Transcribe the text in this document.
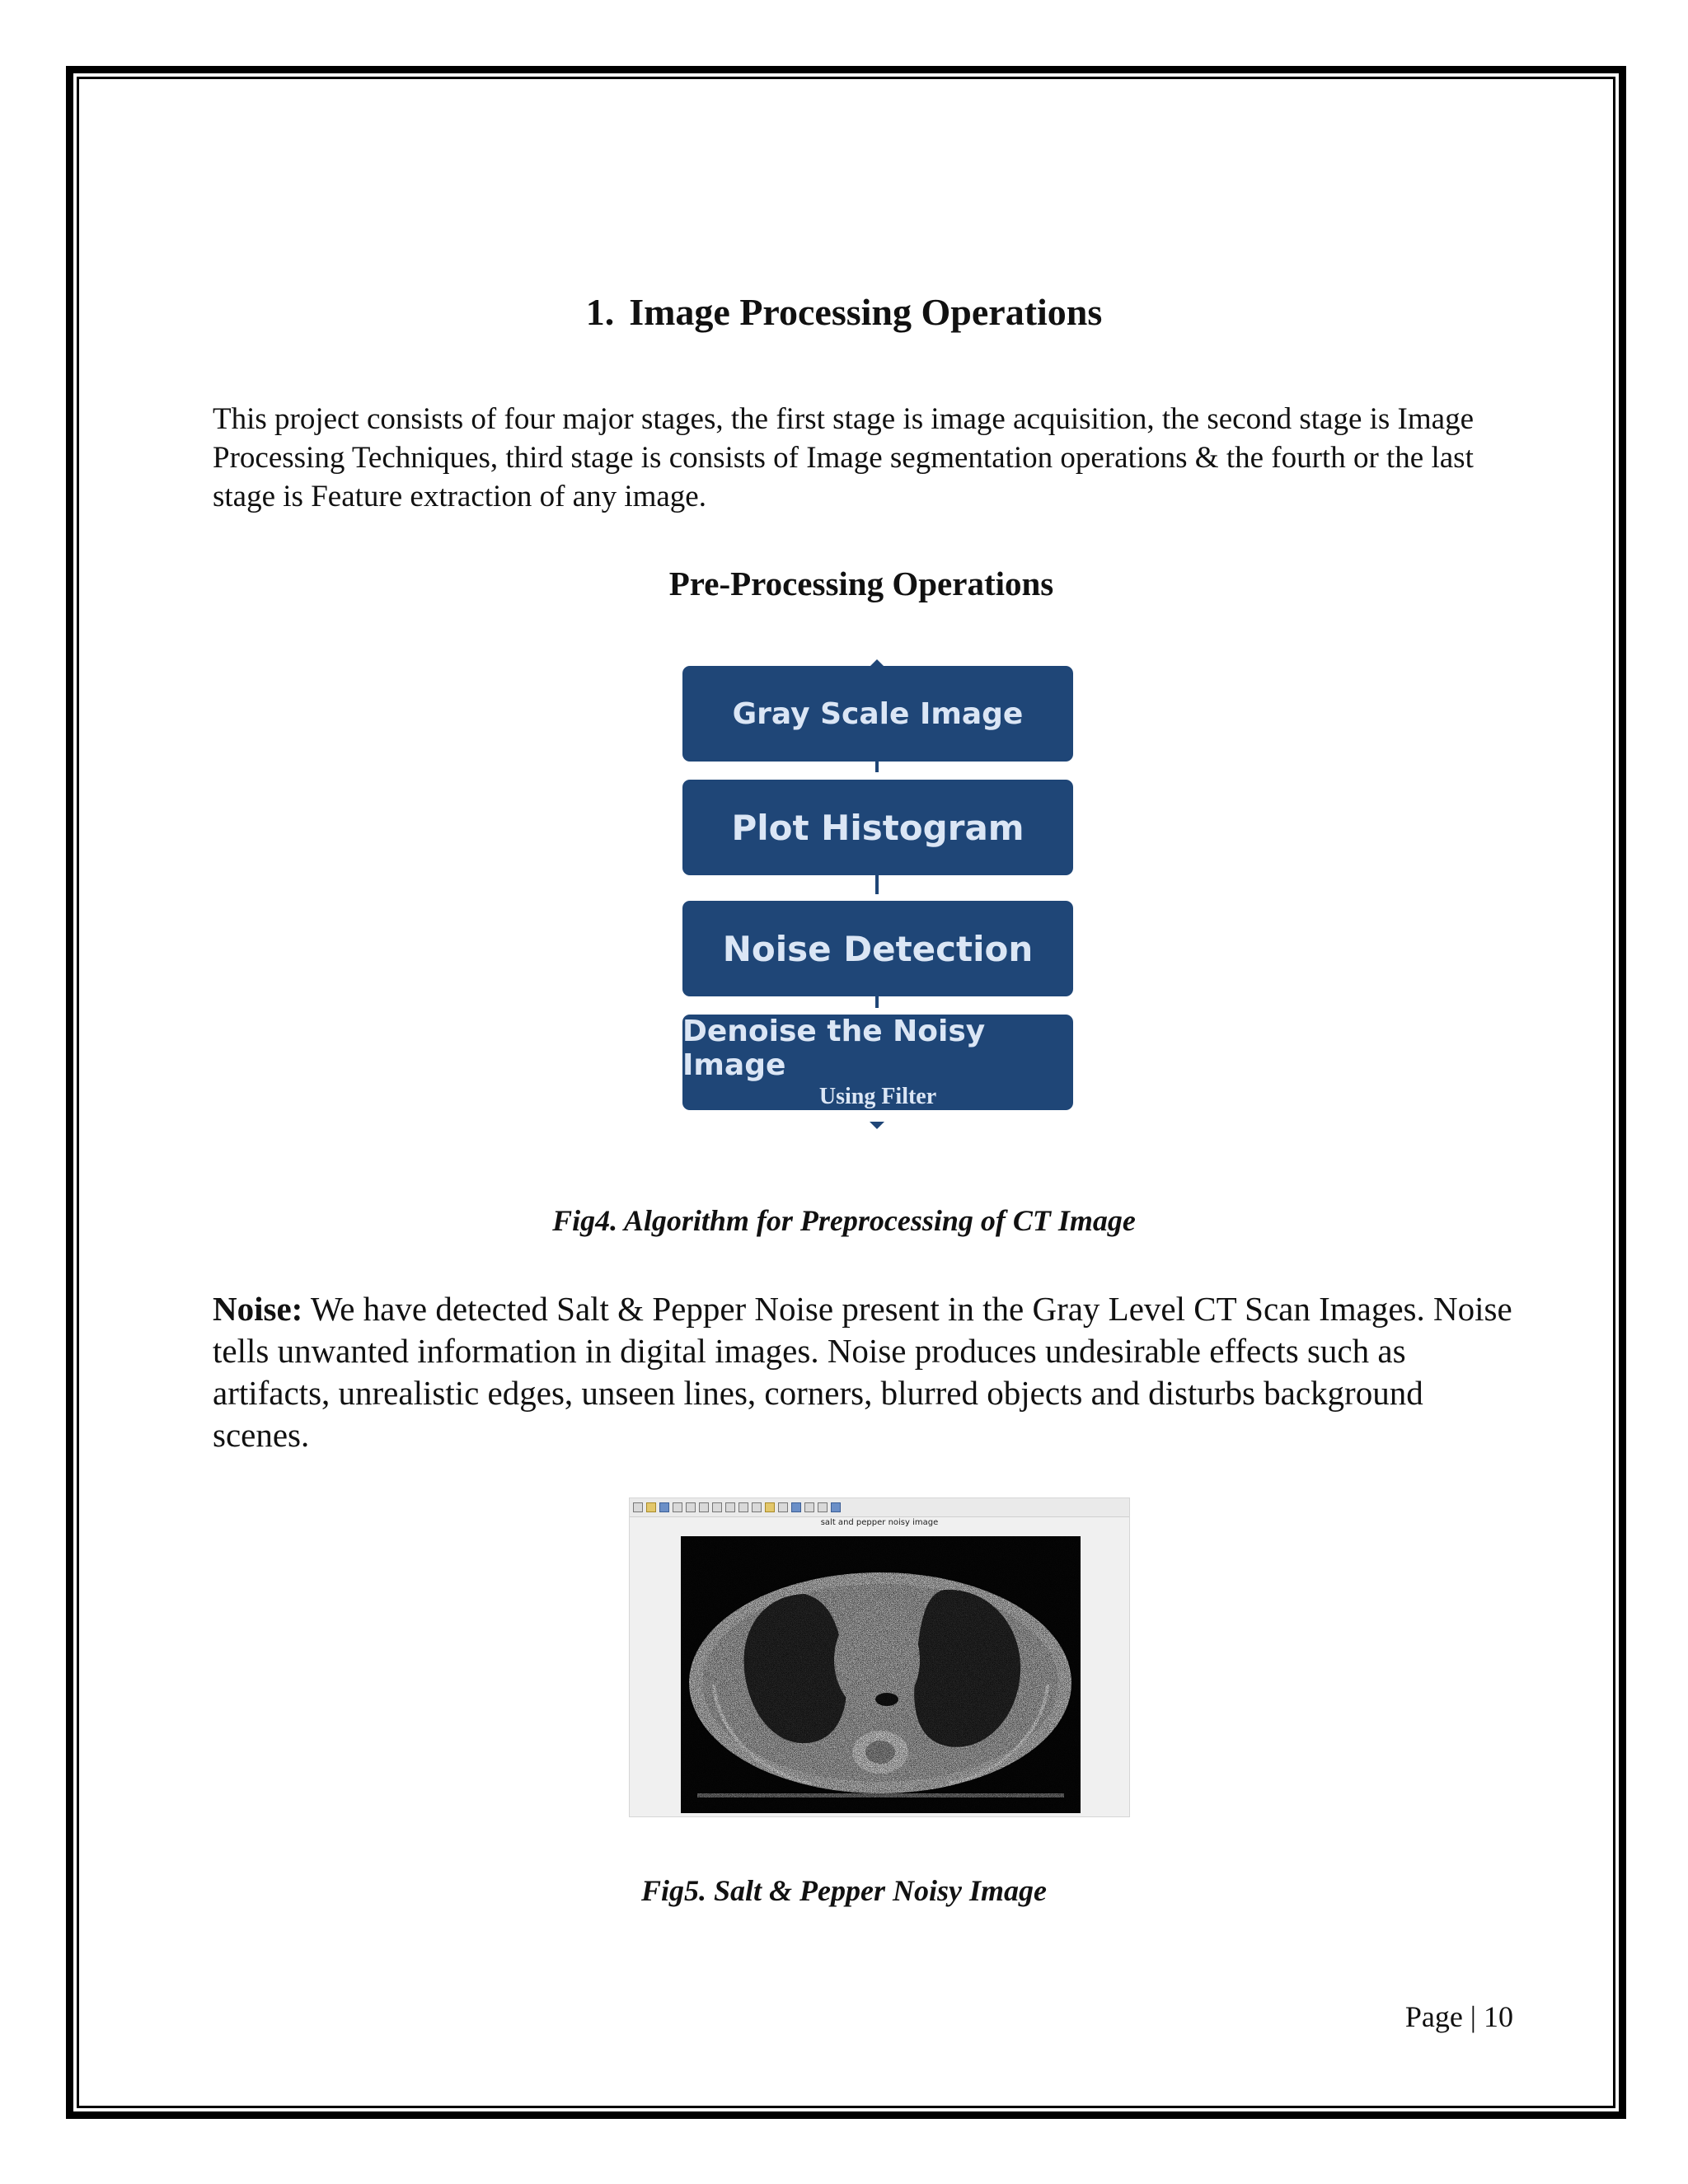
1. Image Processing Operations

This project consists of four major stages, the first stage is image acquisition, the second stage is Image Processing Techniques, third stage is consists of Image segmentation operations & the fourth or the last stage is Feature extraction of any image.

Pre-Processing Operations
Gray Scale Image
Plot Histogram
Noise Detection
Denoise the Noisy Image
Using Filter

Fig4. Algorithm for Preprocessing of CT Image

Noise: We have detected Salt & Pepper Noise present in the Gray Level CT Scan Images. Noise tells unwanted information in digital images. Noise produces undesirable effects such as artifacts, unrealistic edges, unseen lines, corners, blurred objects and disturbs background scenes.

salt and pepper noisy image

Fig5. Salt & Pepper Noisy Image

Page | 10
